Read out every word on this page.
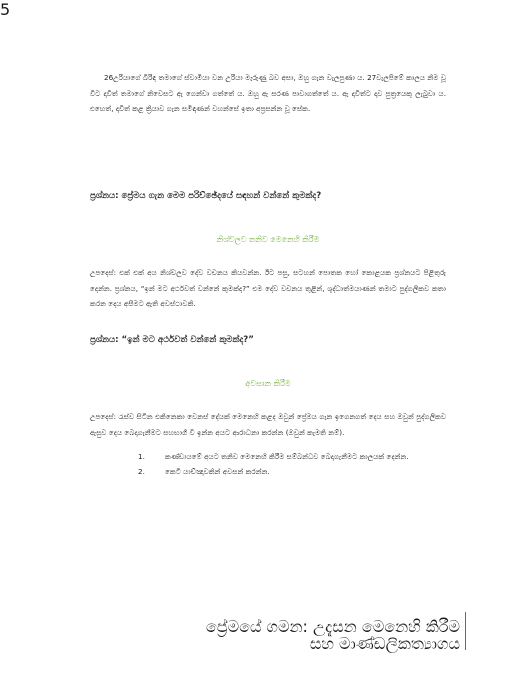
26උරියාගේ බිරිඳ තමාගේ ස්වාමියා වන උරියා මැරුණු බව අසා, ඔහු ගැන වැලපුණා ය. 27වැලපීමේ කාලය නිම වූ විට දාවිත් තමාගේ නිවෙසට ඇ ගෙන්වා ගත්තේ ය. ඔහු ඇ සරණ පාවාගත්තේ ය. ඇ දාවිත්ට දාව පුත්‍රයෙකු ලැබුවා ය. එහෙත්, දාවිත් කළ ක්‍රියාව ගැන සමිඳාණන් වහන්සේ ඉතා අප්‍රසන්න වූ සේක.
ප්‍රශ්නය: ප්‍රේමය ගැන මෙම පරිච්ඡේදයේ සඳහන් වන්නේ කුමක්ද?
නිශ්චලව තනිව මෙනෙහි කිරීම
උපදෙස්: එක් එක් අය නිශ්චලව දේව වචනය කියවන්න. ඊට පසු, සටහන් පොතක හෝ කොළයක ප්‍රශ්නයට පිළිතුරු දෙන්න. ප්‍රශ්නය, “ඉන් මට අර්ථවත් වන්නේ කුමක්ද?” එම දේව වචනය තුළින්, ශුද්ධාත්මයාණන් තමාට පුද්ගලිකව කතා කරන දෙය අසීමට ඇති අවස්ථාවකි.
ප්‍රශ්නය: “ඉන් මට අර්ථවත් වන්නේ කුමක්ද?”
අවසාන කිරීම
උපදෙස්: රැස්ව සිටින එකිනෙකා වෙනස් දේයක් මෙනෙහි කළද ඔවුන් ප්‍රේමය ගැන ඉගෙනගත් දෙය සහ ඔවුන් පුද්ගලිකව ඇසුව දෙය බෙදාගැනීමට සහභාගී වී ඉන්න අයට ආරාධනා කරන්න (ඔවුන් කැමති නම්).
1.	කණ්ඩායමේ අයට තනිව මෙනෙහි කිරීම සම්බන්ධව බෙදාගැනීමට කාලයක් දෙන්න.
2.	කෙටි යාච්ඤාවකින් අවසන් කරන්න.
ප්‍රේමයේ ගමන: උදැසන මෙනෙහි කිරීම
සහ මාණ්ඩලිකත්‍යාගය
5
